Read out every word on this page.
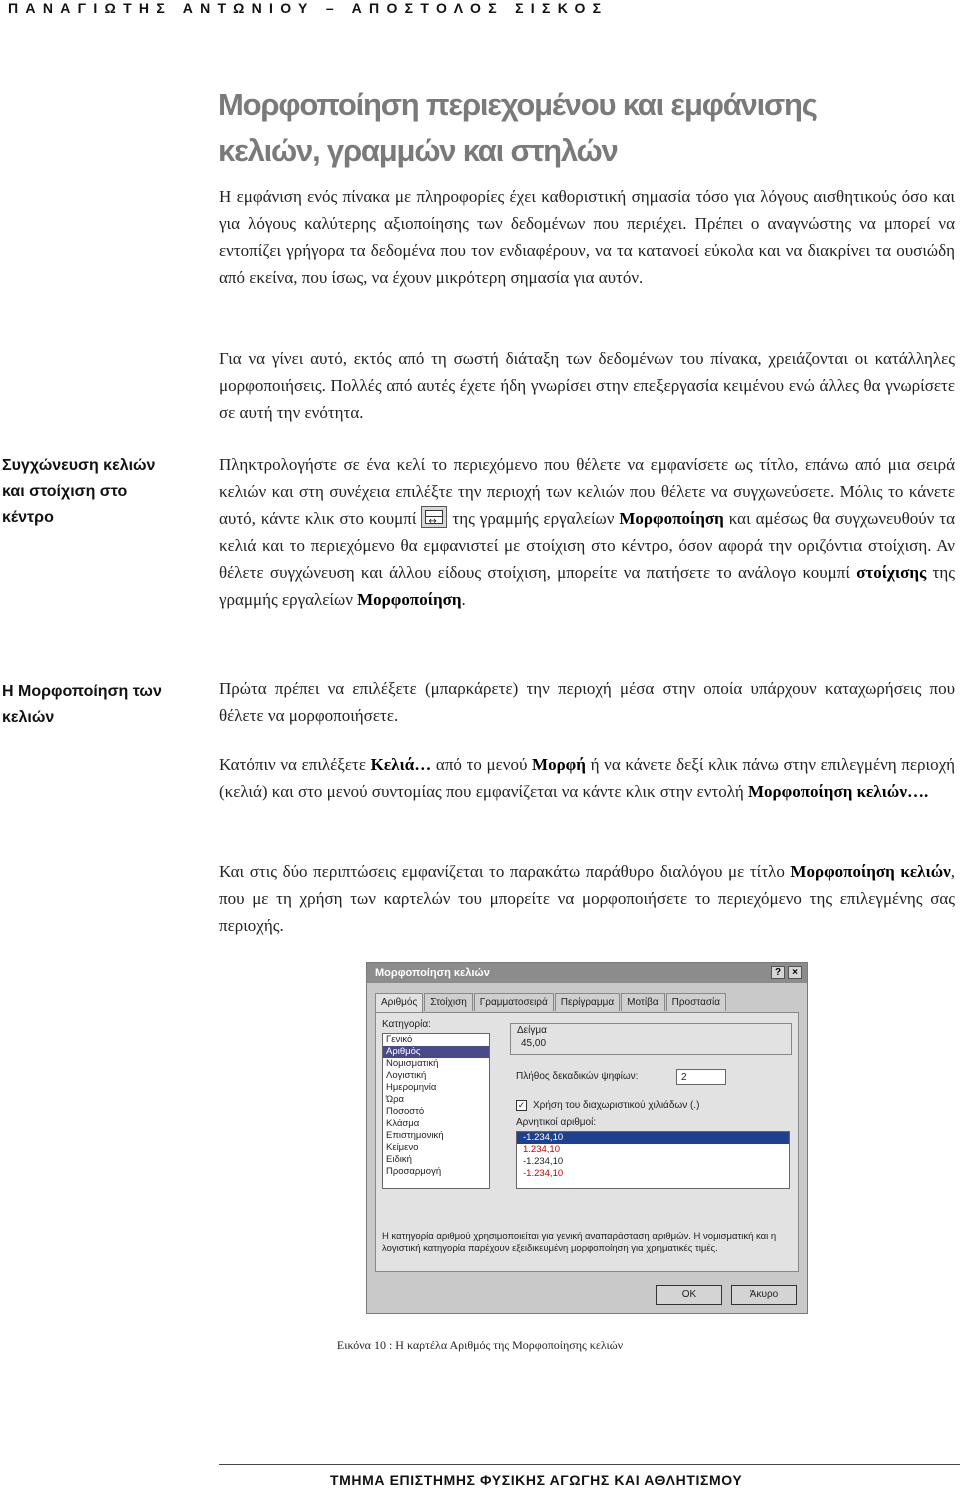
ΠΑΝΑΓΙΩΤΗΣ ΑΝΤΩΝΙΟΥ – ΑΠΟΣΤΟΛΟΣ ΣΙΣΚΟΣ
Μορφοποίηση περιεχομένου και εμφάνισης
κελιών, γραμμών και στηλών
Η εμφάνιση ενός πίνακα με πληροφορίες έχει καθοριστική σημασία τόσο για λόγους αισθητικούς όσο και για λόγους καλύτερης αξιοποίησης των δεδομένων που περιέχει. Πρέπει ο αναγνώστης να μπορεί να εντοπίζει γρήγορα τα δεδομένα που τον ενδιαφέρουν, να τα κατανοεί εύκολα και να διακρίνει τα ουσιώδη από εκείνα, που ίσως, να έχουν μικρότερη σημασία για αυτόν.
Για να γίνει αυτό, εκτός από τη σωστή διάταξη των δεδομένων του πίνακα, χρειάζονται οι κατάλληλες μορφοποιήσεις. Πολλές από αυτές έχετε ήδη γνωρίσει στην επεξεργασία κειμένου ενώ άλλες θα γνωρίσετε σε αυτή την ενότητα.
Συγχώνευση κελιών και στοίχιση στο κέντρο
Πληκτρολογήστε σε ένα κελί το περιεχόμενο που θέλετε να εμφανίσετε ως τίτλο, επάνω από μια σειρά κελιών και στη συνέχεια επιλέξτε την περιοχή των κελιών που θέλετε να συγχωνεύσετε. Μόλις το κάνετε αυτό, κάντε κλικ στο κουμπί
↔ της γραμμής εργαλείων Μορφοποίηση και αμέσως θα συγχωνευθούν τα κελιά και το περιεχόμενο θα εμφανιστεί με στοίχιση στο κέντρο, όσον αφορά την οριζόντια στοίχιση. Αν θέλετε συγχώνευση και άλλου είδους στοίχιση, μπορείτε να πατήσετε το ανάλογο κουμπί στοίχισης της γραμμής εργαλείων Μορφοποίηση.
Η Μορφοποίηση των κελιών
Πρώτα πρέπει να επιλέξετε (μπαρκάρετε) την περιοχή μέσα στην οποία υπάρχουν καταχωρήσεις που θέλετε να μορφοποιήσετε.
Κατόπιν να επιλέξετε Κελιά… από το μενού Μορφή ή να κάνετε δεξί κλικ πάνω στην επιλεγμένη περιοχή (κελιά) και στο μενού συντομίας που εμφανίζεται να κάντε κλικ στην εντολή Μορφοποίηση κελιών….
Και στις δύο περιπτώσεις εμφανίζεται το παρακάτω παράθυρο διαλόγου με τίτλο Μορφοποίηση κελιών, που με τη χρήση των καρτελών του μπορείτε να μορφοποιήσετε το περιεχόμενο της επιλεγμένης σας περιοχής.
Μορφοποίηση κελιών	?	×
Αριθμός Στοίχιση Γραμματοσειρά Περίγραμμα Μοτίβα Προστασία
Κατηγορία:
Γενικό
Αριθμός
Νομισματική
Λογιστική
Ημερομηνία
Ώρα
Ποσοστό
Κλάσμα
Επιστημονική
Κείμενο
Ειδική
Προσαρμογή
Δείγμα
45,00
Πλήθος δεκαδικών ψηφίων:	2
✓ Χρήση του διαχωριστικού χιλιάδων (.)
Αρνητικοί αριθμοί:
-1.234,10
1.234,10
-1.234,10
-1.234,10
Η κατηγορία αριθμού χρησιμοποιείται για γενική αναπαράσταση αριθμών. Η νομισματική και η λογιστική κατηγορία παρέχουν εξειδικευμένη μορφοποίηση για χρηματικές τιμές.
OK	Άκυρο
Εικόνα 10 : Η καρτέλα Αριθμός της Μορφοποίησης κελιών
ΤΜΗΜΑ ΕΠΙΣΤΗΜΗΣ ΦΥΣΙΚΗΣ ΑΓΩΓΗΣ ΚΑΙ ΑΘΛΗΤΙΣΜΟΥ
